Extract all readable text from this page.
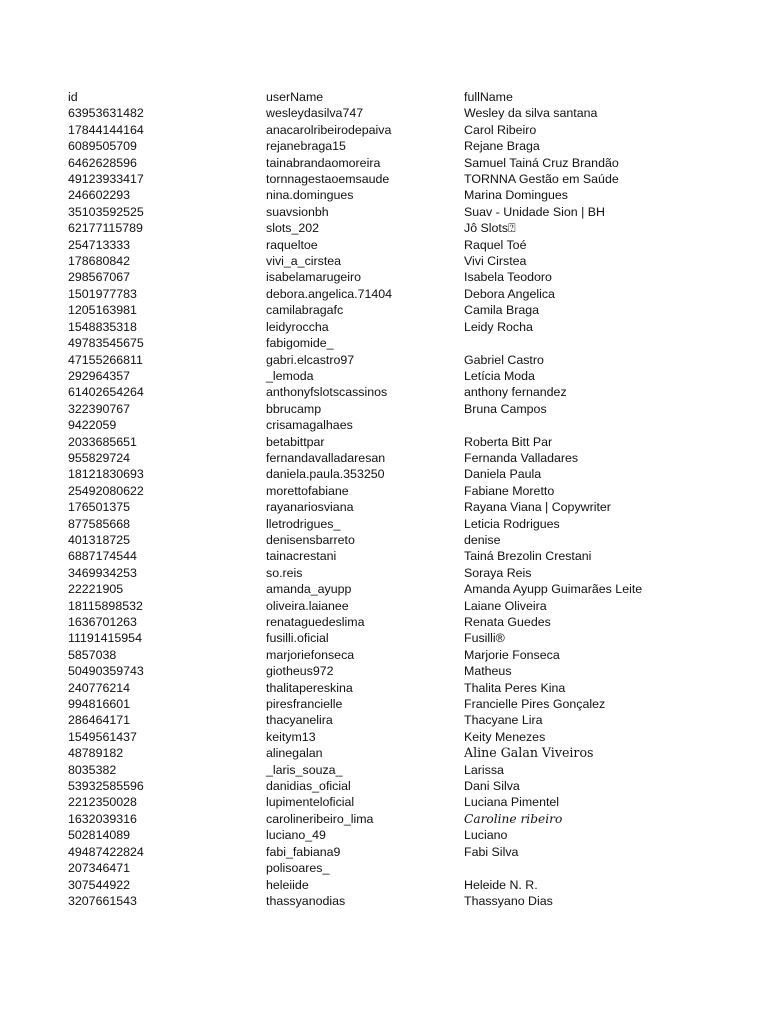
id	userName	fullName
63953631482	wesleydasilva747	Wesley da silva santana
17844144164	anacarolribeirodepaiva	Carol Ribeiro
6089505709	rejanebraga15	Rejane Braga
6462628596	tainabrandaomoreira	Samuel Tainá Cruz Brandão
49123933417	tornnagestaoemsaude	TORNNA Gestão em Saúde
246602293	nina.domingues	Marina Domingues
35103592525	suavsionbh	Suav - Unidade Sion | BH
62177115789	slots_202	Jô Slots⍰
254713333	raqueltoe	Raquel Toé
178680842	vivi_a_cirstea	Vivi Cirstea
298567067	isabelamarugeiro	Isabela Teodoro
1501977783	debora.angelica.71404	Debora Angelica
1205163981	camilabragafc	Camila Braga
1548835318	leidyroccha	Leidy Rocha
49783545675	fabigomide_	
47155266811	gabri.elcastro97	Gabriel Castro
292964357	_lemoda	Letícia Moda
61402654264	anthonyfslotscassinos	anthony fernandez
322390767	bbrucamp	Bruna Campos
9422059	crisamagalhaes	
2033685651	betabittpar	Roberta Bitt Par
955829724	fernandavalladaresan	Fernanda Valladares
18121830693	daniela.paula.353250	Daniela Paula
25492080622	morettofabiane	Fabiane Moretto
176501375	rayanariosviana	Rayana Viana | Copywriter
877585668	lletrodrigues_	Leticia Rodrigues
401318725	denisensbarreto	denise
6887174544	tainacrestani	Tainá Brezolin Crestani
3469934253	so.reis	Soraya Reis
22221905	amanda_ayupp	Amanda Ayupp Guimarães Leite
18115898532	oliveira.laianee	Laiane Oliveira
1636701263	renataguedeslima	Renata Guedes
11191415954	fusilli.oficial	Fusilli®
5857038	marjoriefonseca	Marjorie Fonseca
50490359743	giotheus972	Matheus
240776214	thalitapereskina	Thalita Peres Kina
994816601	piresfrancielle	Francielle Pires Gonçalez
286464171	thacyanelira	Thacyane Lira
1549561437	keitym13	Keity Menezes
48789182	alinegalan	Aline Galan Viveiros
8035382	_laris_souza_	Larissa
53932585596	danidias_oficial	Dani Silva
2212350028	lupimenteloficial	Luciana Pimentel
1632039316	carolineribeiro_lima	Caroline ribeiro
502814089	luciano_49	Luciano
49487422824	fabi_fabiana9	Fabi Silva
207346471	polisoares_	
307544922	heleiide	Heleide N. R.
3207661543	thassyanodias	Thassyano Dias
